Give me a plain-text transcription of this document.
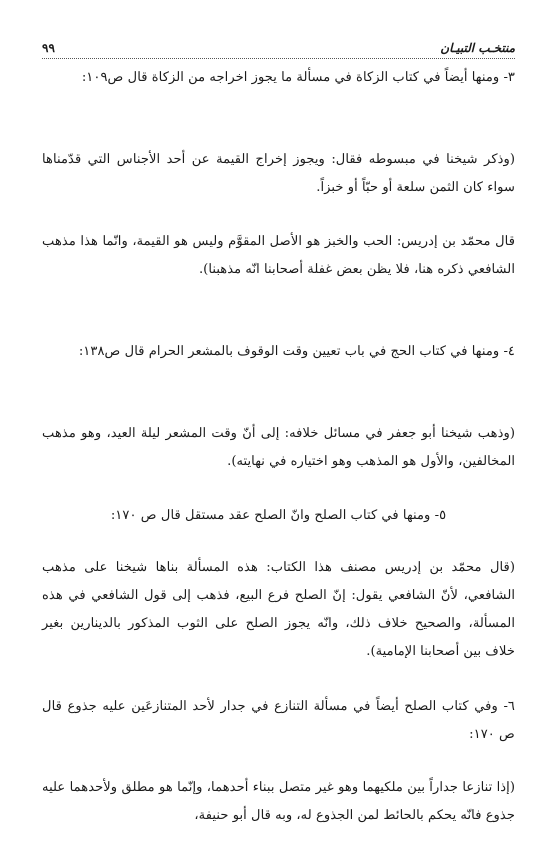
منتخـب التبيـان
٩٩

٣- ومنها أيضاً في كتاب الزكاة في مسألة ما يجوز اخراجه من الزكاة قال ص١٠٩:

(وذكر شيخنا في مبسوطه فقال: ويجوز إخراج القيمة عن أحد الأجناس التي قدّمناها سواء كان الثمن سلعة أو حبّاً أو خبزاً.

قال محمّد بن إدريس: الحب والخبز هو الأصل المقوَّم وليس هو القيمة، وانّما هذا مذهب الشافعي ذكره هنا، فلا يظن بعض غفلة أصحابنا انّه مذهبنا).

٤- ومنها في كتاب الحج في باب تعيين وقت الوقوف بالمشعر الحرام قال ص١٣٨:

(وذهب شيخنا أبو جعفر في مسائل خلافه: إلى أنّ وقت المشعر ليلة العيد، وهو مذهب المخالفين، والأول هو المذهب وهو اختياره في نهايته).

٥- ومنها في كتاب الصلح وانّ الصلح عقد مستقل قال ص ١٧٠:

(قال محمّد بن إدريس مصنف هذا الكتاب: هذه المسألة بناها شيخنا على مذهب الشافعي، لأنّ الشافعي يقول: إنّ الصلح فرع البيع، فذهب إلى قول الشافعي في هذه المسألة، والصحيح خلاف ذلك، وانّه يجوز الصلح على الثوب المذكور بالدينارين بغير خلاف بين أصحابنا الإمامية).

٦- وفي كتاب الصلح أيضاً في مسألة التنازع في جدار لأحد المتنازعَين عليه جذوع قال ص ١٧٠:

(إذا تنازعا جداراً بين ملكيهما وهو غير متصل ببناء أحدهما، وإنّما هو مطلق ولأحدهما عليه جذوع فانّه يحكم بالحائط لمن الجذوع له، وبه قال أبو حنيفة،
